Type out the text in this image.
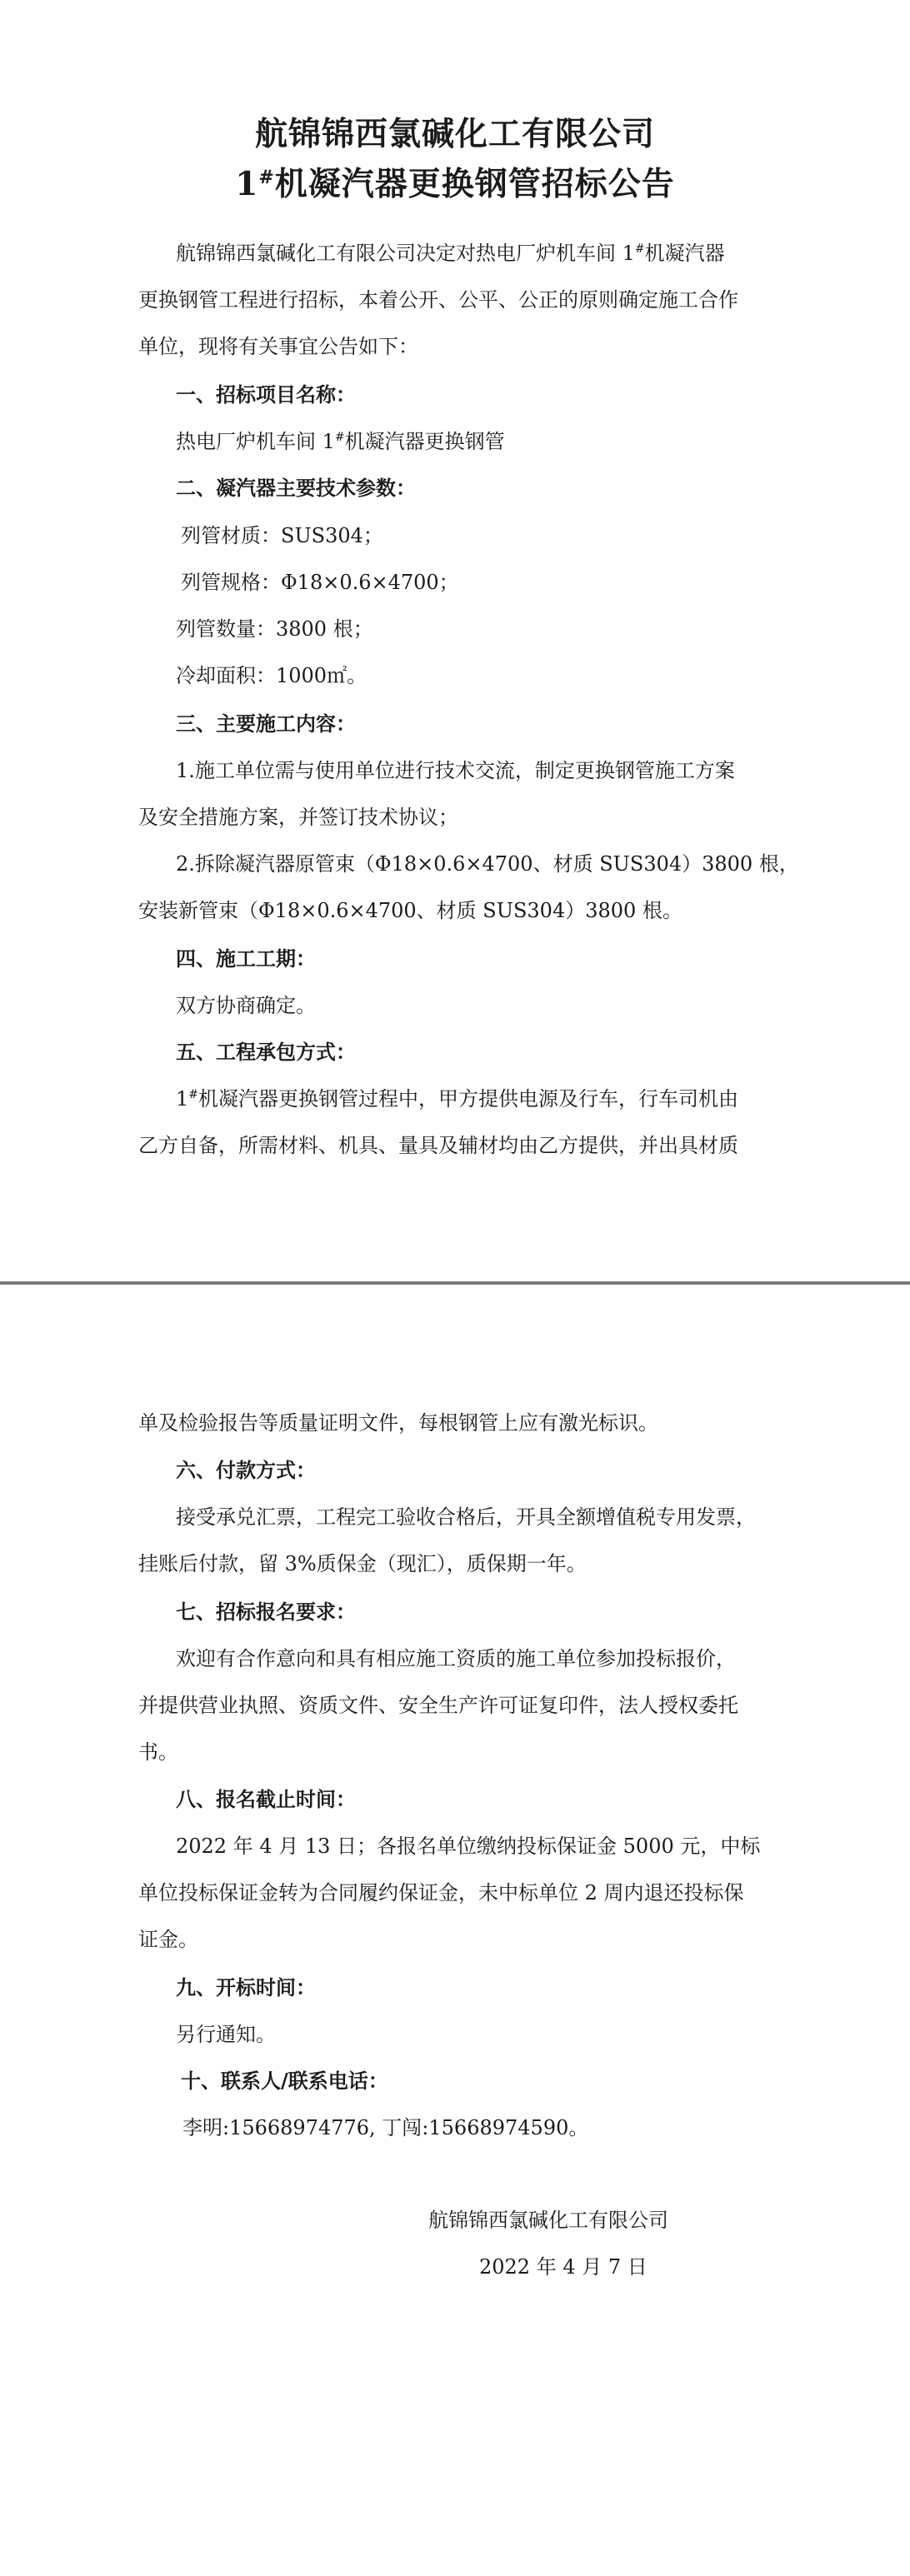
航锦锦西氯碱化工有限公司
1#机凝汽器更换钢管招标公告
航锦锦西氯碱化工有限公司决定对热电厂炉机车间 1#机凝汽器
更换钢管工程进行招标，本着公开、公平、公正的原则确定施工合作
单位，现将有关事宜公告如下：
一、招标项目名称：
热电厂炉机车间 1#机凝汽器更换钢管
二、凝汽器主要技术参数：
列管材质：SUS304；
列管规格：Φ18×0.6×4700；
列管数量：3800 根；
冷却面积：1000㎡。
三、主要施工内容：
1.施工单位需与使用单位进行技术交流，制定更换钢管施工方案
及安全措施方案，并签订技术协议；
2.拆除凝汽器原管束（Φ18×0.6×4700、材质 SUS304）3800 根，
安装新管束（Φ18×0.6×4700、材质 SUS304）3800 根。
四、施工工期：
双方协商确定。
五、工程承包方式：
1#机凝汽器更换钢管过程中，甲方提供电源及行车，行车司机由
乙方自备，所需材料、机具、量具及辅材均由乙方提供，并出具材质
单及检验报告等质量证明文件，每根钢管上应有激光标识。
六、付款方式：
接受承兑汇票，工程完工验收合格后，开具全额增值税专用发票，
挂账后付款，留 3%质保金（现汇），质保期一年。
七、招标报名要求：
欢迎有合作意向和具有相应施工资质的施工单位参加投标报价，
并提供营业执照、资质文件、安全生产许可证复印件，法人授权委托
书。
八、报名截止时间：
2022 年 4 月 13 日；各报名单位缴纳投标保证金 5000 元，中标
单位投标保证金转为合同履约保证金，未中标单位 2 周内退还投标保
证金。
九、开标时间：
另行通知。
十、联系人/联系电话：
李明:15668974776, 丁闯:15668974590。
航锦锦西氯碱化工有限公司
2022 年 4 月 7 日
